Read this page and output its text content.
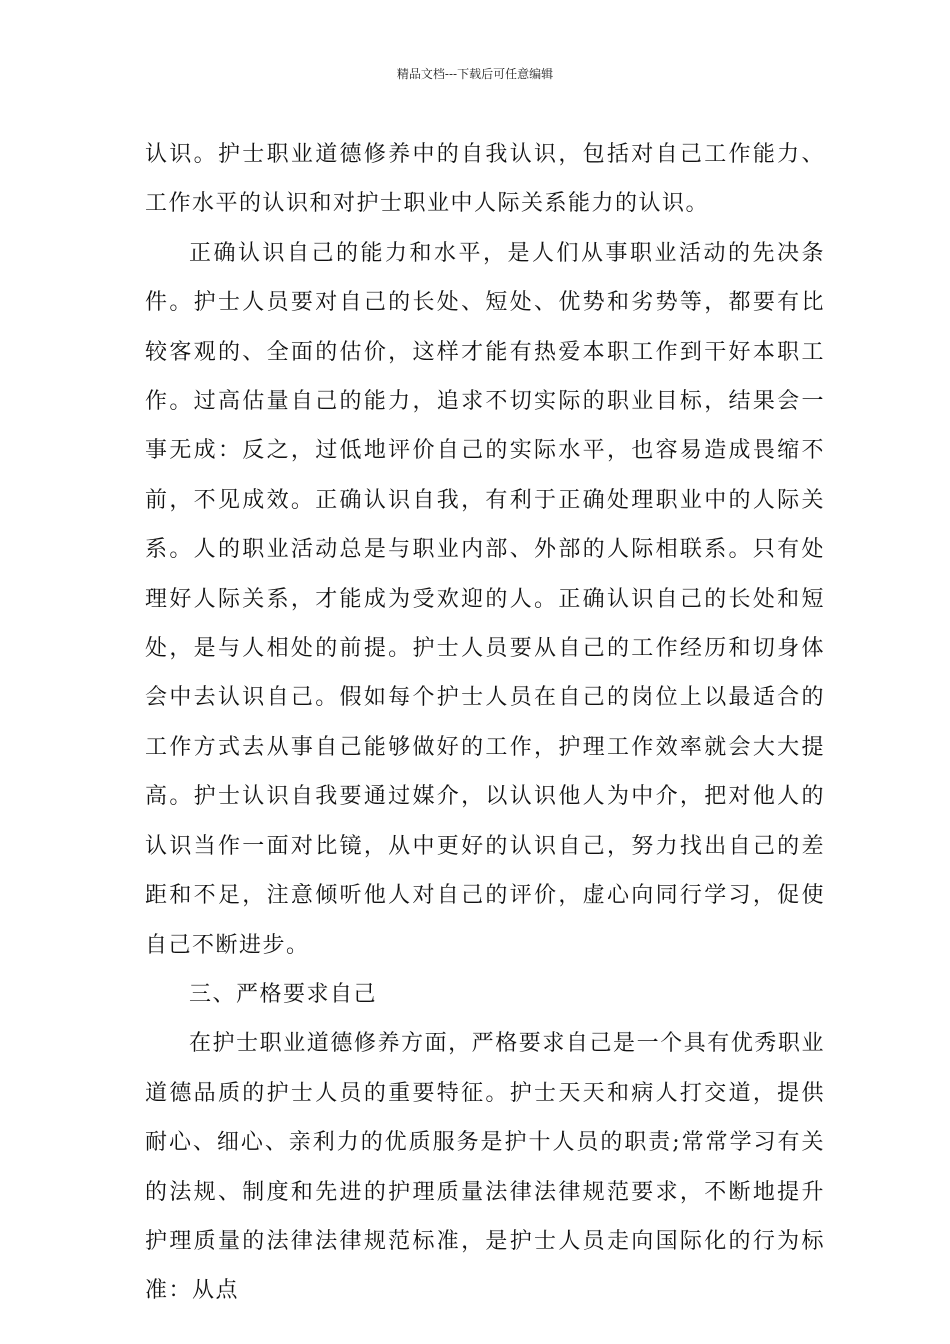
精品文档---下载后可任意编辑

认识。护士职业道德修养中的自我认识，包括对自己工作能力、工作水平的认识和对护士职业中人际关系能力的认识。

正确认识自己的能力和水平，是人们从事职业活动的先决条件。护士人员要对自己的长处、短处、优势和劣势等，都要有比较客观的、全面的估价，这样才能有热爱本职工作到干好本职工作。过高估量自己的能力，追求不切实际的职业目标，结果会一事无成：反之，过低地评价自己的实际水平，也容易造成畏缩不前，不见成效。正确认识自我，有利于正确处理职业中的人际关系。人的职业活动总是与职业内部、外部的人际相联系。只有处理好人际关系，才能成为受欢迎的人。正确认识自己的长处和短处，是与人相处的前提。护士人员要从自己的工作经历和切身体会中去认识自己。假如每个护士人员在自己的岗位上以最适合的工作方式去从事自己能够做好的工作，护理工作效率就会大大提高。护士认识自我要通过媒介，以认识他人为中介，把对他人的认识当作一面对比镜，从中更好的认识自己，努力找出自己的差距和不足，注意倾听他人对自己的评价，虚心向同行学习，促使自己不断进步。

三、严格要求自己

在护士职业道德修养方面，严格要求自己是一个具有优秀职业道德品质的护士人员的重要特征。护士天天和病人打交道，提供耐心、细心、亲利力的优质服务是护十人员的职责;常常学习有关的法规、制度和先进的护理质量法律法律规范要求，不断地提升护理质量的法律法律规范标准，是护士人员走向国际化的行为标准：从点
